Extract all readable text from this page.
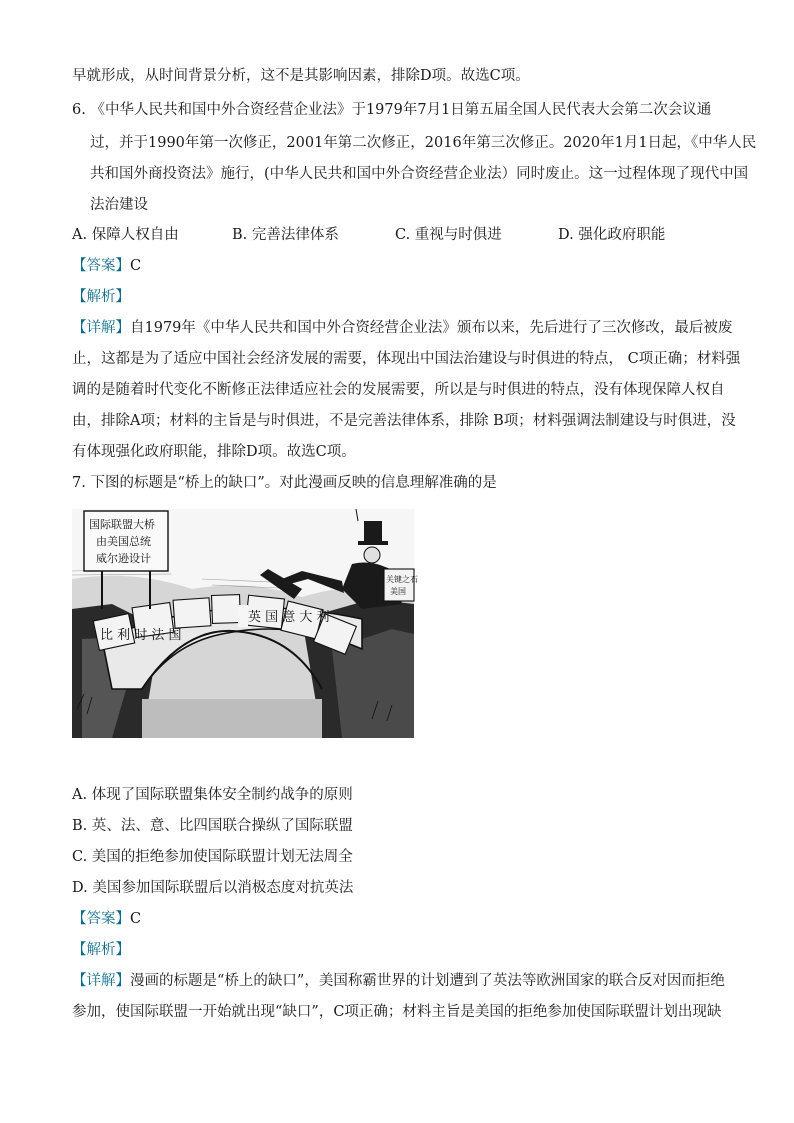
早就形成，从时间背景分析，这不是其影响因素，排除D项。故选C项。
6. 《中华人民共和国中外合资经营企业法》于1979年7月1日第五届全国人民代表大会第二次会议通
过，并于1990年第一次修正，2001年第二次修正，2016年第三次修正。2020年1月1日起，《中华人民
共和国外商投资法》施行，(中华人民共和国中外合资经营企业法）同时废止。这一过程体现了现代中国
法治建设
A. 保障人权自由	B. 完善法律体系	C. 重视与时俱进	D. 强化政府职能
【答案】C
【解析】
【详解】自1979年《中华人民共和国中外合资经营企业法》颁布以来，先后进行了三次修改，最后被废
止，这都是为了适应中国社会经济发展的需要，体现出中国法治建设与时俱进的特点， C项正确；材料强
调的是随着时代变化不断修正法律适应社会的发展需要，所以是与时俱进的特点，没有体现保障人权自
由，排除A项；材料的主旨是与时俱进，不是完善法律体系，排除 B项；材料强调法制建设与时俱进，没
有体现强化政府职能，排除D项。故选C项。
7. 下图的标题是“桥上的缺口”。对此漫画反映的信息理解准确的是
比 利 时 法 国
英 国 意 大 利
国际联盟大桥
由美国总统
威尔逊设计
关键之石
美国
A. 体现了国际联盟集体安全制约战争的原则
B. 英、法、意、比四国联合操纵了国际联盟
C. 美国的拒绝参加使国际联盟计划无法周全
D. 美国参加国际联盟后以消极态度对抗英法
【答案】C
【解析】
【详解】漫画的标题是“桥上的缺口”，美国称霸世界的计划遭到了英法等欧洲国家的联合反对因而拒绝
参加，使国际联盟一开始就出现“缺口”，C项正确；材料主旨是美国的拒绝参加使国际联盟计划出现缺
